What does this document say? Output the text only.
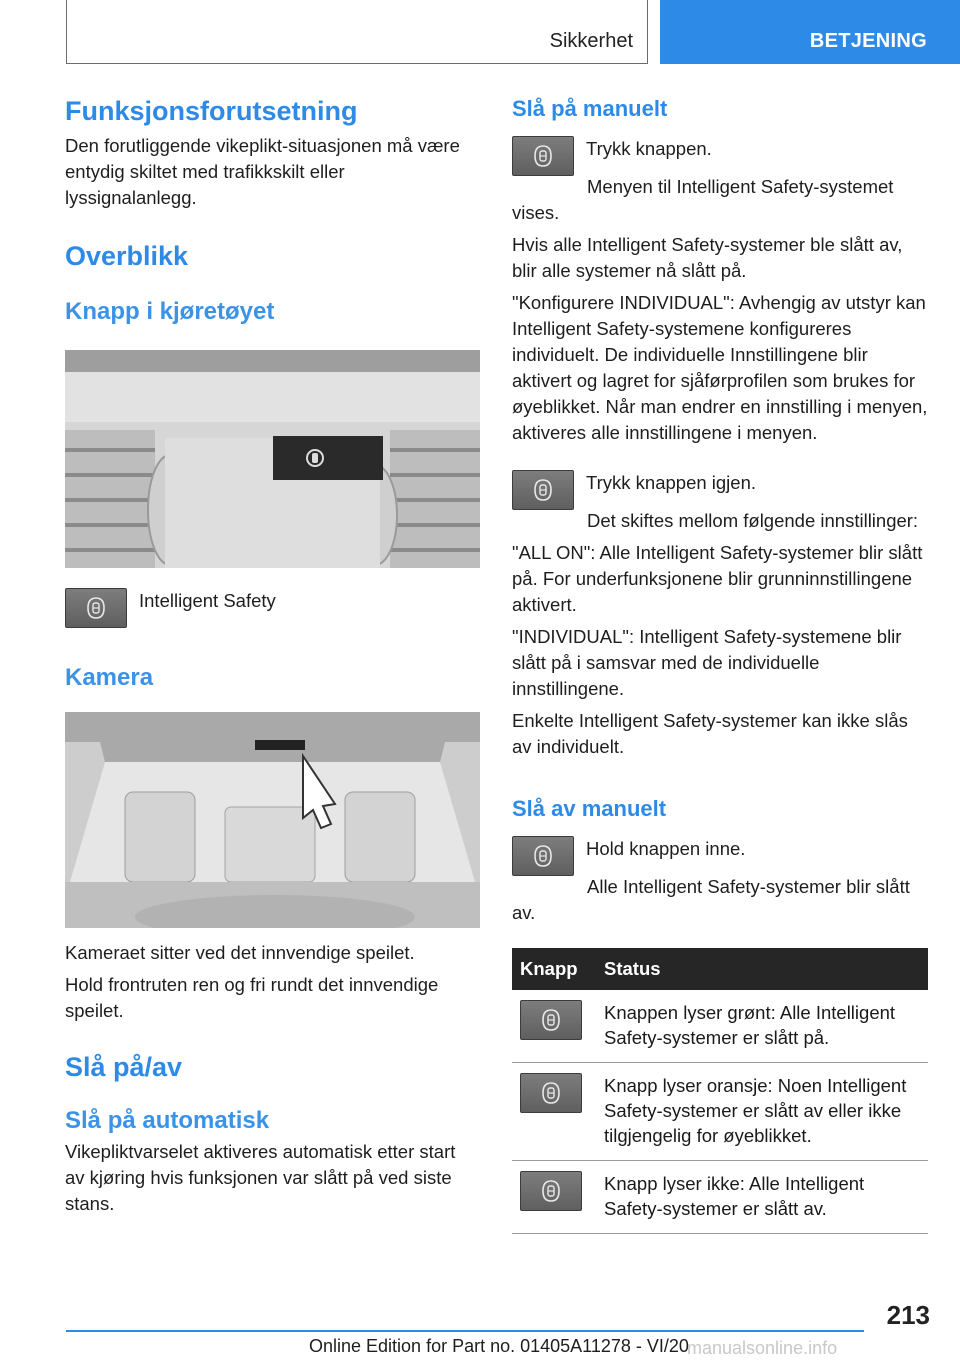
Sikkerhet	BETJENING
Funksjonsforutsetning

Den forutliggende vikeplikt-situasjonen må være entydig skiltet med trafikkskilt eller lyssignalanlegg.

Overblikk
Knapp i kjøretøyet
Intelligent Safety
Kamera

Kameraet sitter ved det innvendige speilet.

Hold frontruten ren og fri rundt det innvendige speilet.

Slå på/av
Slå på automatisk

Vikepliktvarselet aktiveres automatisk etter start av kjøring hvis funksjonen var slått på ved siste stans.

Slå på manuelt
Trykk knappen.

Menyen til Intelligent Safety-systemet vises.

Hvis alle Intelligent Safety-systemer ble slått av, blir alle systemer nå slått på.

"Konfigurere INDIVIDUAL": Avhengig av utstyr kan Intelligent Safety-systemene konfigureres individuelt. De individuelle Innstillingene blir aktivert og lagret for sjåførprofilen som brukes for øyeblikket. Når man endrer en innstilling i menyen, aktiveres alle innstillingene i menyen.

Trykk knappen igjen.

Det skiftes mellom følgende innstillinger:

"ALL ON": Alle Intelligent Safety-systemer blir slått på. For underfunksjonene blir grunninnstillingene aktivert.

"INDIVIDUAL": Intelligent Safety-systemene blir slått på i samsvar med de individuelle innstillingene.

Enkelte Intelligent Safety-systemer kan ikke slås av individuelt.

Slå av manuelt
Hold knappen inne.

Alle Intelligent Safety-systemer blir slått av.

Knapp	Status

	Knappen lyser grønt: Alle Intelligent Safety-systemer er slått på.

	Knapp lyser oransje: Noen Intelligent Safety-systemer er slått av eller ikke tilgjengelig for øyeblikket.

	Knapp lyser ikke: Alle Intelligent Safety-systemer er slått av.
213
Online Edition for Part no. 01405A11278 - VI/20
manualsonline.info
